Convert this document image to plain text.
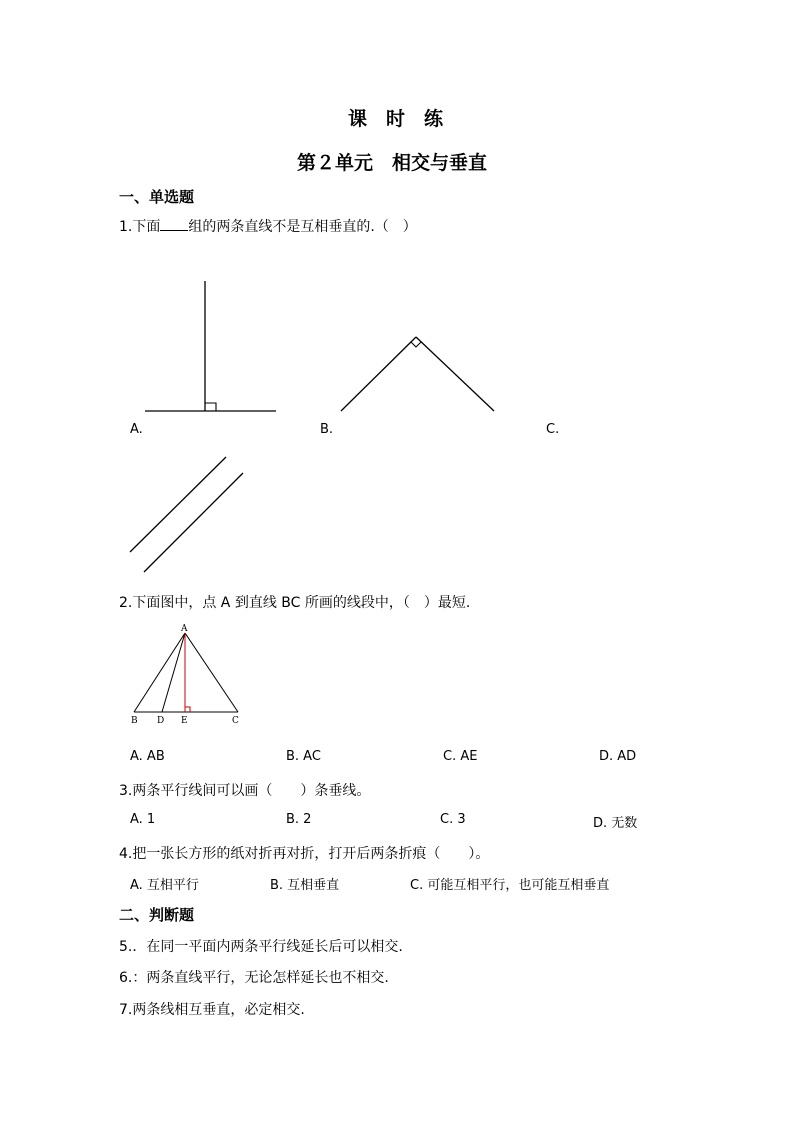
课　时　练
第２单元　相交与垂直
一、单选题
1.下面 组的两条直线不是互相垂直的.（　）
A.	B.	C.
2.下面图中，点 A 到直线 BC 所画的线段中，（　）最短.
A
B D E	C
A. AB	B. AC	C. AE	D. AD
3.两条平行线间可以画（　　）条垂线。
A. 1	B. 2	C. 3	D. 无数
4.把一张长方形的纸对折再对折，打开后两条折痕（　　）。
A. 互相平行	B. 互相垂直	C. 可能互相平行，也可能互相垂直
二、判断题
5.．在同一平面内两条平行线延长后可以相交.
6.：两条直线平行，无论怎样延长也不相交.
7.两条线相互垂直，必定相交.
